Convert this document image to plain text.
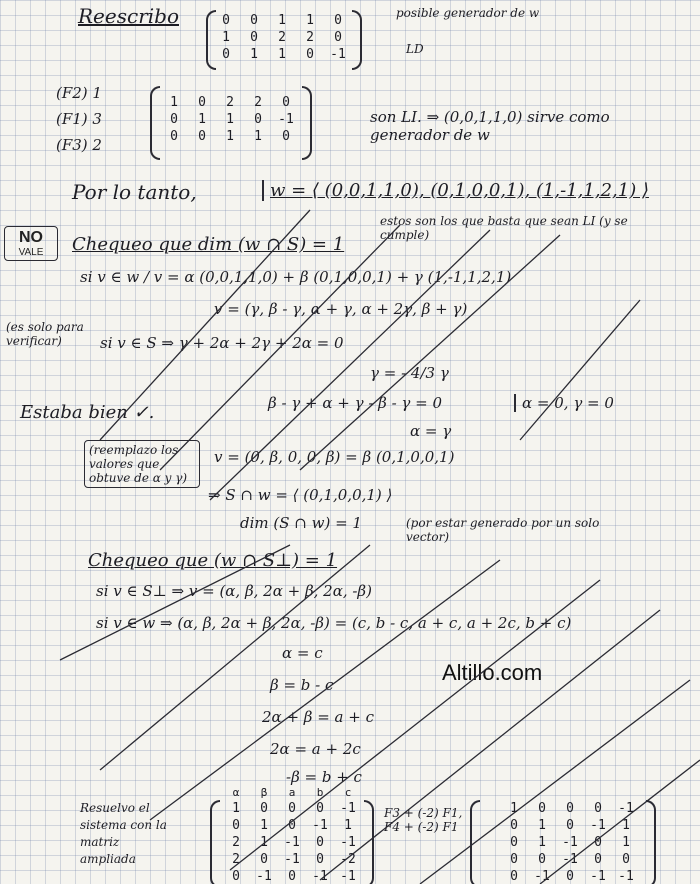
Reescribo	0	0	1	1	0
1	0	2	2	0
0	1	1	0	-1
posible generador de w
LD
(F2) 1
(F1) 3
(F3) 2
1	0	2	2	0
0	1	1	0	-1
0	0	1	1	0
son LI. ⇒ (0,0,1,1,0) sirve como generador de w
Por lo tanto,	w = ⟨ (0,0,1,1,0), (0,1,0,0,1), (1,-1,1,2,1) ⟩
estos son los que basta que sean LI (y se cumple)
NO
VALE	Chequeo que dim (w ∩ S) = 1
si v ∈ w / v = α (0,0,1,1,0) + β (0,1,0,0,1) + γ (1,-1,1,2,1)
v = (γ, β - γ, α + γ, α + 2γ, β + γ)
si v ∈ S ⇒ γ + 2α + 2γ + 2α = 0
γ = - 4/3 γ
β - γ + α + γ - β - γ = 0
α = γ
α = 0, γ = 0
(es solo para verificar)
Estaba bien ✓.
(reemplazo los valores que obtuve de α y γ)
v = (0, β, 0, 0, β) = β (0,1,0,0,1)
⇒ S ∩ w = ⟨ (0,1,0,0,1) ⟩
dim (S ∩ w) = 1	(por estar generado por un solo vector)
Chequeo que (w ∩ S⊥) = 1
si v ∈ S⊥ ⇒ v = (α, β, 2α + β, 2α, -β)
si v ∈ w ⇒ (α, β, 2α + β, 2α, -β) = (c, b - c, a + c, a + 2c, b + c)
α = c
β = b - c
2α + β = a + c
2α = a + 2c
-β = b + c
Resuelvo el sistema con la matriz ampliada
α	β	a	b	c
1	0	0	0	-1
0	1	0	-1	1
2	1	-1	0	-1
2	0	-1	0	-2
0	-1	0	-1 -1
F3 + (-2) F1, F4 + (-2) F1
1	0	0	0	-1
0	1	0	-1	1
0	1	-1	0	1
0	0	-1	0	0
0	-1	0	-1 -1
Altillo.com
